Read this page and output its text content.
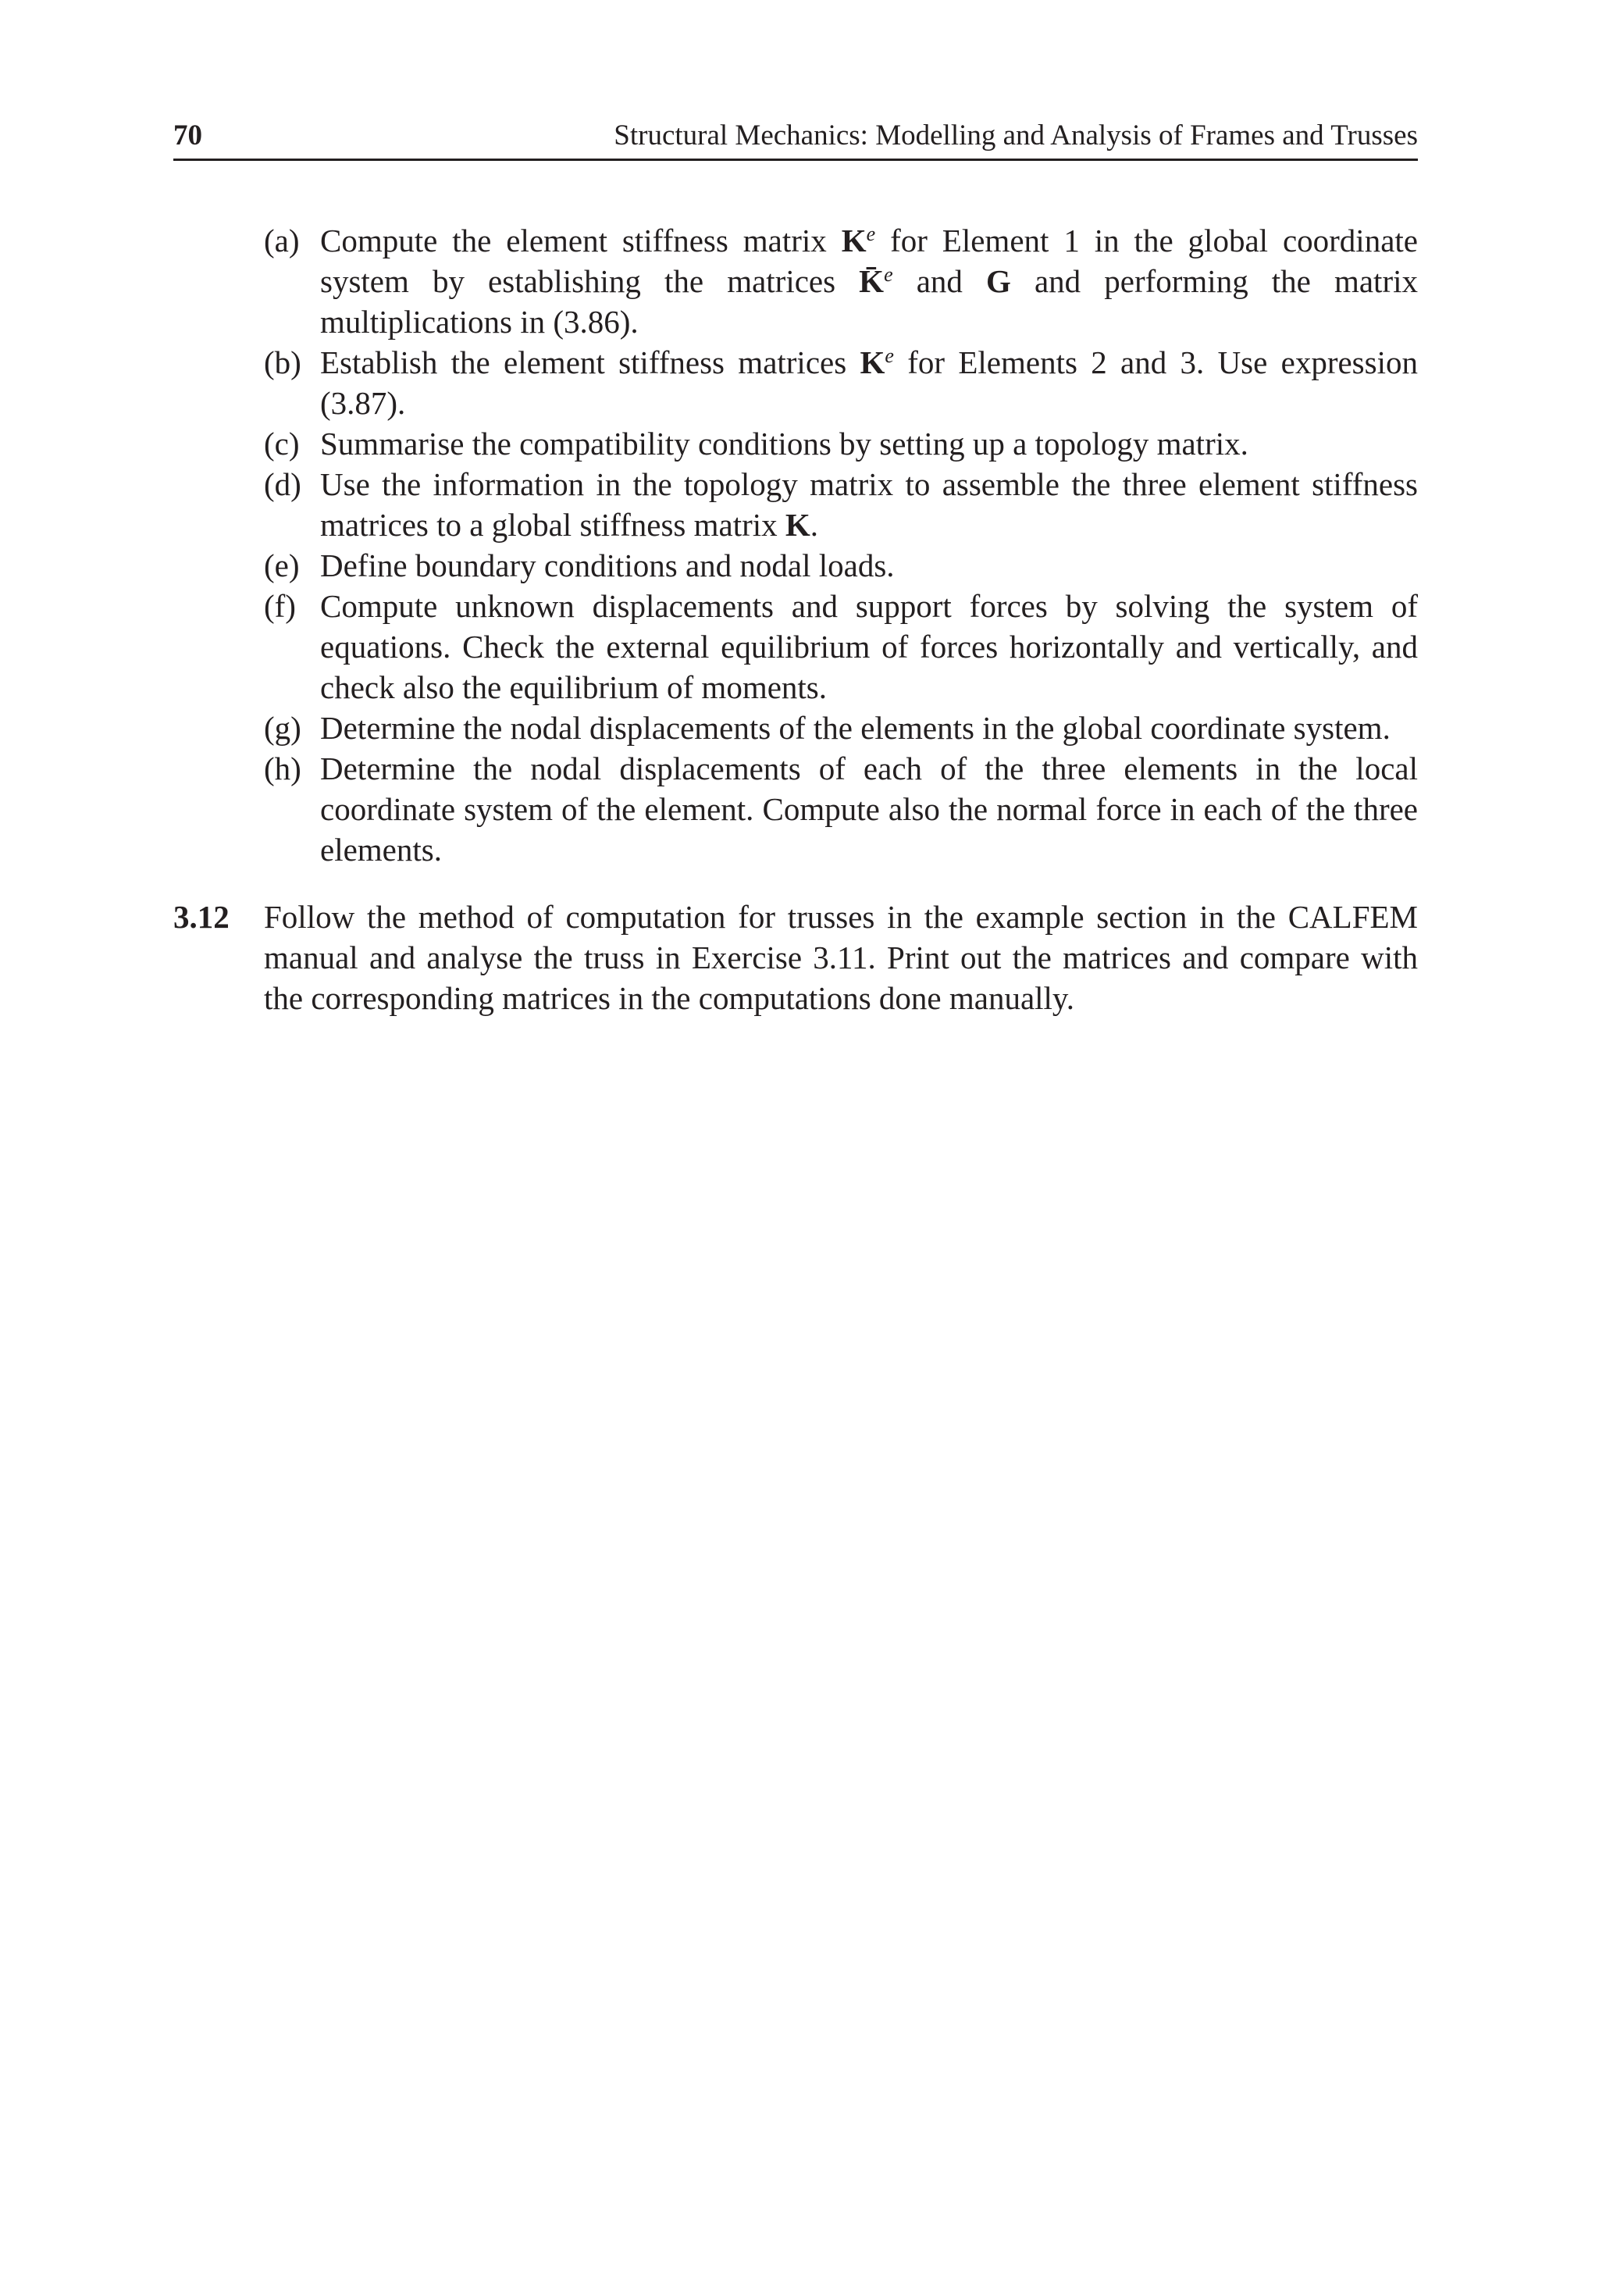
70	Structural Mechanics: Modelling and Analysis of Frames and Trusses
(a) Compute the element stiffness matrix $K^e$ for Element 1 in the global coordinate system by establishing the matrices K̄$^e$ and G and performing the matrix multiplications in (3.86).
(b) Establish the element stiffness matrices $K^e$ for Elements 2 and 3. Use expression (3.87).
(c) Summarise the compatibility conditions by setting up a topology matrix.
(d) Use the information in the topology matrix to assemble the three element stiffness matrices to a global stiffness matrix K.
(e) Define boundary conditions and nodal loads.
(f) Compute unknown displacements and support forces by solving the system of equations. Check the external equilibrium of forces horizontally and vertically, and check also the equilibrium of moments.
(g) Determine the nodal displacements of the elements in the global coordinate system.
(h) Determine the nodal displacements of each of the three elements in the local coordinate system of the element. Compute also the normal force in each of the three elements.
3.12 Follow the method of computation for trusses in the example section in the CALFEM manual and analyse the truss in Exercise 3.11. Print out the matrices and compare with the corresponding matrices in the computations done manually.
